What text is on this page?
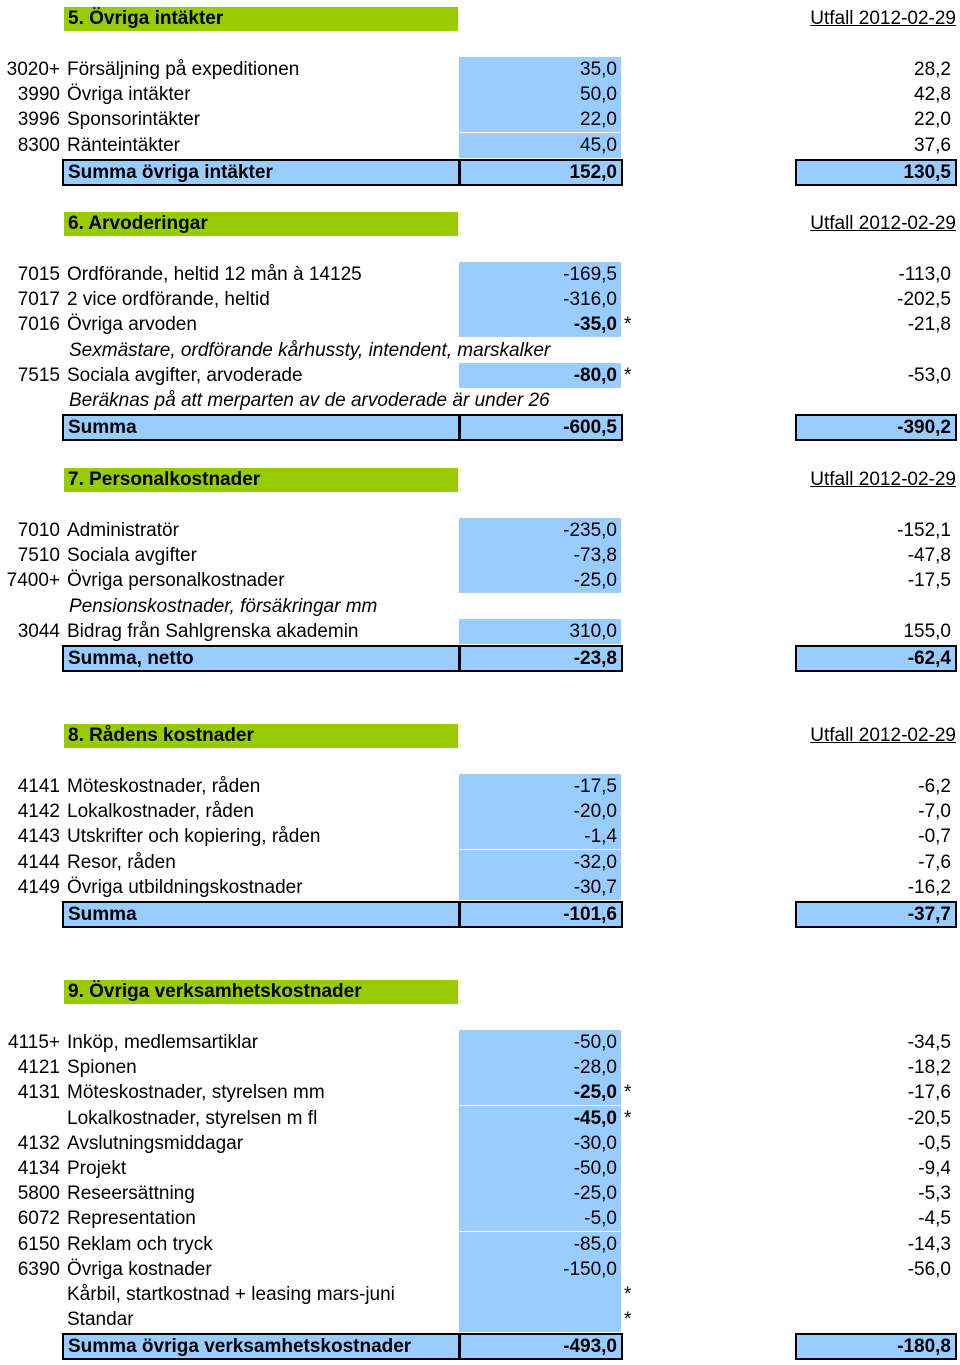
5. Övriga intäkter	Utfall 2012-02-29
3020+ Försäljning på expeditionen	35,0	28,2
3990 Övriga intäkter	50,0	42,8
3996 Sponsorintäkter	22,0	22,0
8300 Ränteintäkter	45,0	37,6
Summa övriga intäkter	152,0	130,5
6. Arvoderingar	Utfall 2012-02-29
7015 Ordförande, heltid 12 mån à 14125	-169,5	-113,0
7017 2 vice ordförande, heltid	-316,0	-202,5
7016 Övriga arvoden	-35,0 *	-21,8
Sexmästare, ordförande kårhussty, intendent, marskalker
7515 Sociala avgifter, arvoderade	-80,0 *	-53,0
Beräknas på att merparten av de arvoderade är under 26
Summa	-600,5	-390,2
7. Personalkostnader	Utfall 2012-02-29
7010 Administratör	-235,0	-152,1
7510 Sociala avgifter	-73,8	-47,8
7400+ Övriga personalkostnader	-25,0	-17,5
Pensionskostnader, försäkringar mm
3044 Bidrag från Sahlgrenska akademin	310,0	155,0
Summa, netto	-23,8	-62,4
8. Rådens kostnader	Utfall 2012-02-29
4141 Möteskostnader, råden	-17,5	-6,2
4142 Lokalkostnader, råden	-20,0	-7,0
4143 Utskrifter och kopiering, råden	-1,4	-0,7
4144 Resor, råden	-32,0	-7,6
4149 Övriga utbildningskostnader	-30,7	-16,2
Summa	-101,6	-37,7
9. Övriga verksamhetskostnader
4115+ Inköp, medlemsartiklar	-50,0	-34,5
4121 Spionen	-28,0	-18,2
4131 Möteskostnader, styrelsen mm	-25,0 *	-17,6
Lokalkostnader, styrelsen m fl	-45,0 *	-20,5
4132 Avslutningsmiddagar	-30,0	-0,5
4134 Projekt	-50,0	-9,4
5800 Reseersättning	-25,0	-5,3
6072 Representation	-5,0	-4,5
6150 Reklam och tryck	-85,0	-14,3
6390 Övriga kostnader	-150,0	-56,0
Kårbil, startkostnad + leasing mars-juni	*
Standar	*
Summa övriga verksamhetskostnader	-493,0	-180,8
